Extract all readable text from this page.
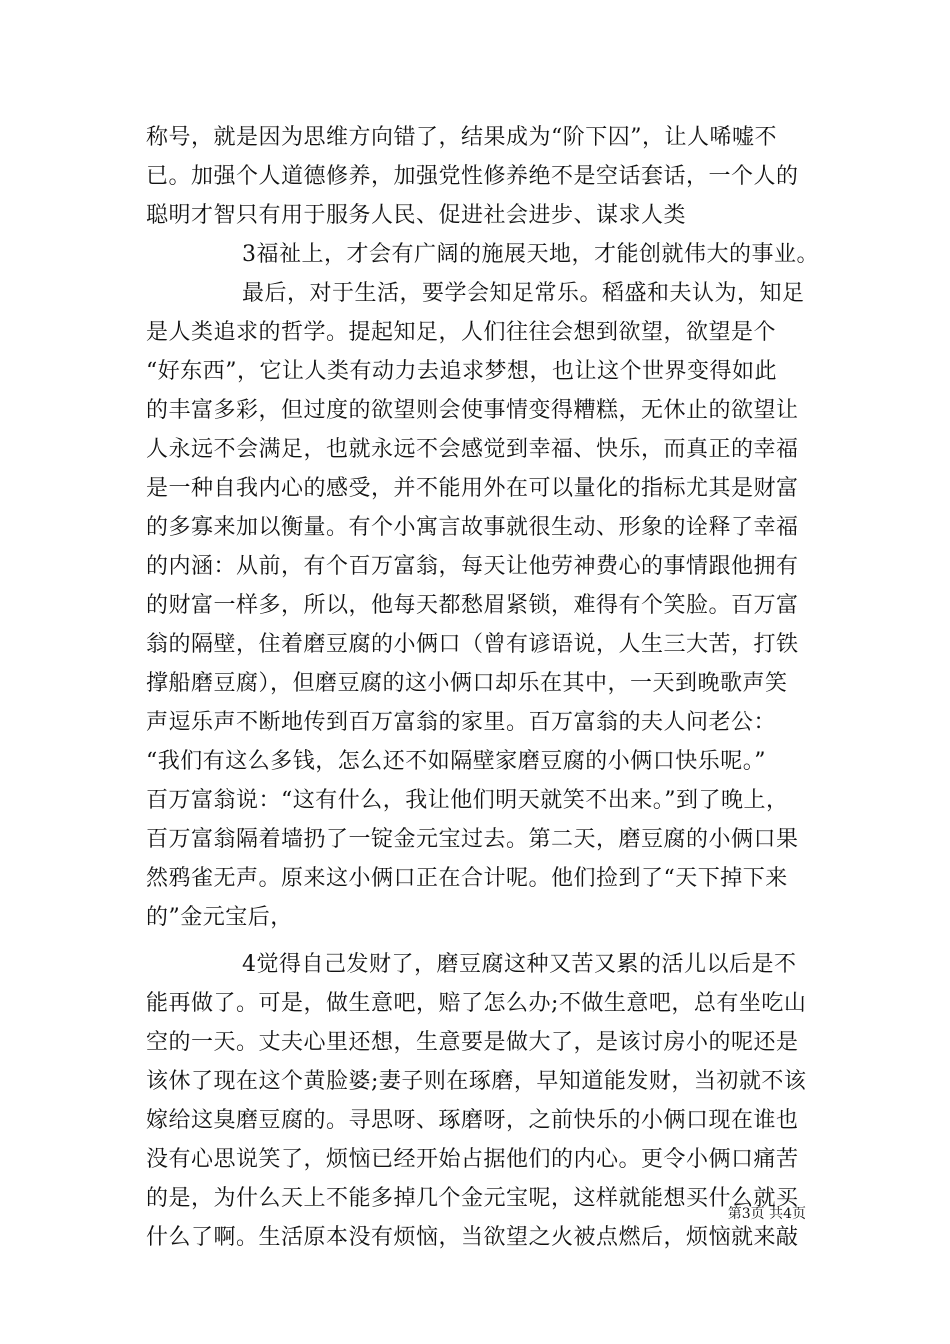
称号，就是因为思维方向错了，结果成为“阶下囚”，让人唏嘘不
已。加强个人道德修养，加强党性修养绝不是空话套话，一个人的
聪明才智只有用于服务人民、促进社会进步、谋求人类
3福祉上，才会有广阔的施展天地，才能创就伟大的事业。
最后，对于生活，要学会知足常乐。稻盛和夫认为，知足
是人类追求的哲学。提起知足，人们往往会想到欲望，欲望是个
“好东西”，它让人类有动力去追求梦想，也让这个世界变得如此
的丰富多彩，但过度的欲望则会使事情变得糟糕，无休止的欲望让
人永远不会满足，也就永远不会感觉到幸福、快乐，而真正的幸福
是一种自我内心的感受，并不能用外在可以量化的指标尤其是财富
的多寡来加以衡量。有个小寓言故事就很生动、形象的诠释了幸福
的内涵：从前，有个百万富翁，每天让他劳神费心的事情跟他拥有
的财富一样多，所以，他每天都愁眉紧锁，难得有个笑脸。百万富
翁的隔壁，住着磨豆腐的小俩口（曾有谚语说，人生三大苦，打铁
撑船磨豆腐），但磨豆腐的这小俩口却乐在其中，一天到晚歌声笑
声逗乐声不断地传到百万富翁的家里。百万富翁的夫人问老公：
“我们有这么多钱，怎么还不如隔壁家磨豆腐的小俩口快乐呢。”
百万富翁说：“这有什么，我让他们明天就笑不出来。”到了晚上，
百万富翁隔着墙扔了一锭金元宝过去。第二天，磨豆腐的小俩口果
然鸦雀无声。原来这小俩口正在合计呢。他们捡到了“天下掉下来
的”金元宝后，
4觉得自己发财了，磨豆腐这种又苦又累的活儿以后是不
能再做了。可是，做生意吧，赔了怎么办;不做生意吧，总有坐吃山
空的一天。丈夫心里还想，生意要是做大了，是该讨房小的呢还是
该休了现在这个黄脸婆;妻子则在琢磨，早知道能发财，当初就不该
嫁给这臭磨豆腐的。寻思呀、琢磨呀，之前快乐的小俩口现在谁也
没有心思说笑了，烦恼已经开始占据他们的内心。更令小俩口痛苦
的是，为什么天上不能多掉几个金元宝呢，这样就能想买什么就买
什么了啊。生活原本没有烦恼，当欲望之火被点燃后，烦恼就来敲
第3页 共4页
